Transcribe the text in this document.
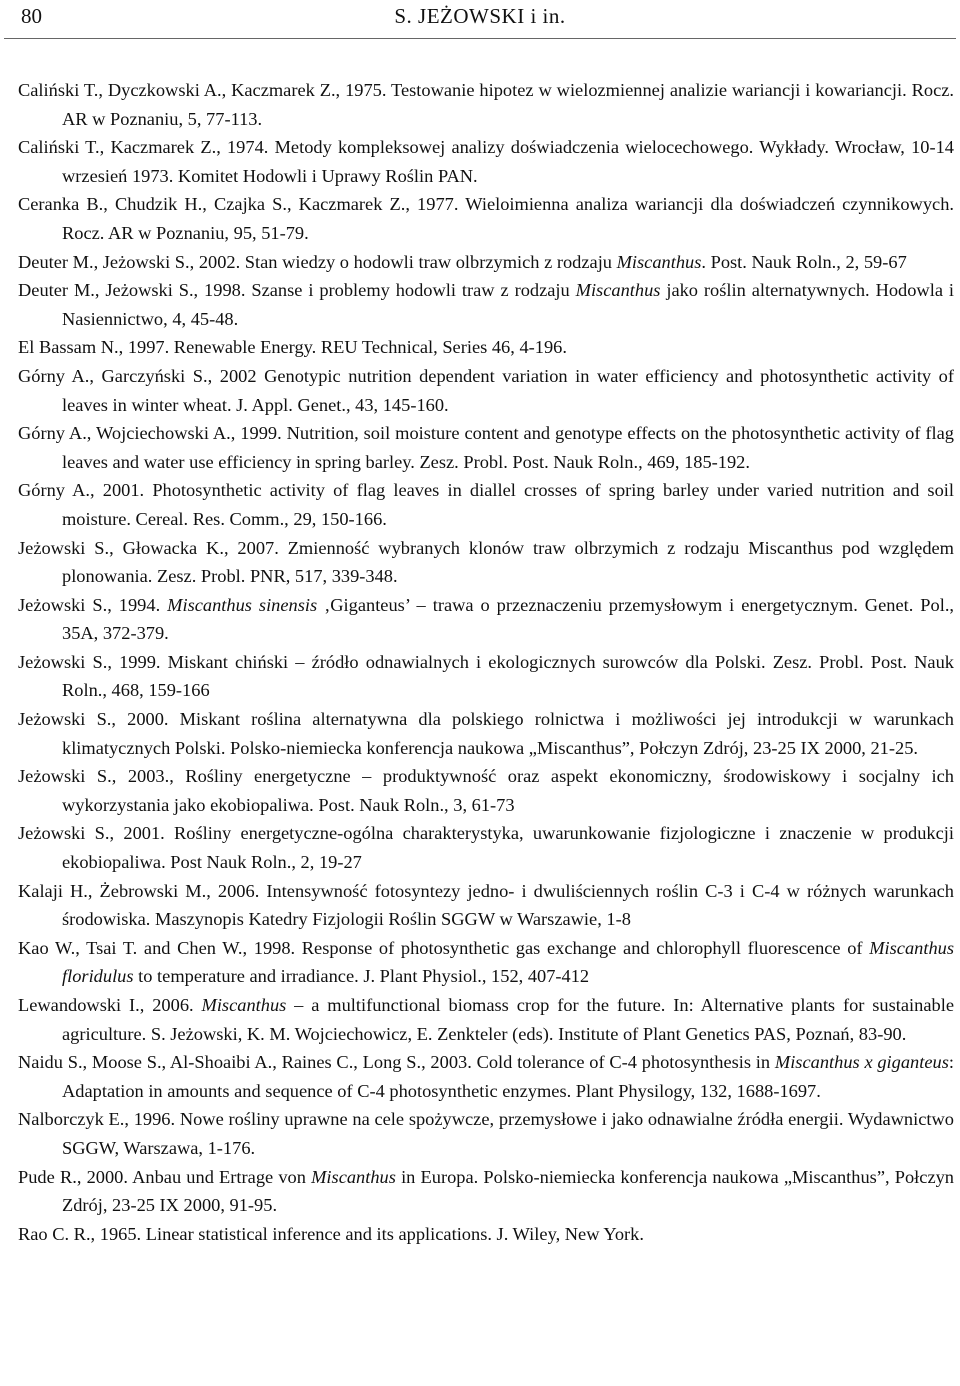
80	S. JEŻOWSKI i in.

Caliński T., Dyczkowski A., Kaczmarek Z., 1975. Testowanie hipotez w wielozmiennej analizie wariancji i kowariancji. Rocz. AR w Poznaniu, 5, 77-113.

Caliński T., Kaczmarek Z., 1974. Metody kompleksowej analizy doświadczenia wielocechowego. Wykłady. Wrocław, 10-14 wrzesień 1973. Komitet Hodowli i Uprawy Roślin PAN.

Ceranka B., Chudzik H., Czajka S., Kaczmarek Z., 1977. Wieloimienna analiza wariancji dla doświadczeń czynnikowych. Rocz. AR w Poznaniu, 95, 51-79.

Deuter M., Jeżowski S., 2002. Stan wiedzy o hodowli traw olbrzymich z rodzaju Miscanthus. Post. Nauk Roln., 2, 59-67

Deuter M., Jeżowski S., 1998. Szanse i problemy hodowli traw z rodzaju Miscanthus jako roślin alternatywnych. Hodowla i Nasiennictwo, 4, 45-48.

El Bassam N., 1997. Renewable Energy. REU Technical, Series 46, 4-196.

Górny A., Garczyński S., 2002 Genotypic nutrition dependent variation in water efficiency and photosynthetic activity of leaves in winter wheat. J. Appl. Genet., 43, 145-160.

Górny A., Wojciechowski A., 1999. Nutrition, soil moisture content and genotype effects on the photosynthetic activity of flag leaves and water use efficiency in spring barley. Zesz. Probl. Post. Nauk Roln., 469, 185-192.

Górny A., 2001. Photosynthetic activity of flag leaves in diallel crosses of spring barley under varied nutrition and soil moisture. Cereal. Res. Comm., 29, 150-166.

Jeżowski S., Głowacka K., 2007. Zmienność wybranych klonów traw olbrzymich z rodzaju Miscanthus pod względem plonowania. Zesz. Probl. PNR, 517, 339-348.

Jeżowski S., 1994. Miscanthus sinensis ‚Giganteus’ – trawa o przeznaczeniu przemysłowym i energetycznym. Genet. Pol., 35A, 372-379.

Jeżowski S., 1999. Miskant chiński – źródło odnawialnych i ekologicznych surowców dla Polski. Zesz. Probl. Post. Nauk Roln., 468, 159-166

Jeżowski S., 2000. Miskant roślina alternatywna dla polskiego rolnictwa i możliwości jej introdukcji w warunkach klimatycznych Polski. Polsko-niemiecka konferencja naukowa „Miscanthus”, Połczyn Zdrój, 23-25 IX 2000, 21-25.

Jeżowski S., 2003., Rośliny energetyczne – produktywność oraz aspekt ekonomiczny, środowiskowy i socjalny ich wykorzystania jako ekobiopaliwa. Post. Nauk Roln., 3, 61-73

Jeżowski S., 2001. Rośliny energetyczne-ogólna charakterystyka, uwarunkowanie fizjologiczne i znaczenie w produkcji ekobiopaliwa. Post Nauk Roln., 2, 19-27

Kalaji H., Żebrowski M., 2006. Intensywność fotosyntezy jedno- i dwuliściennych roślin C-3 i C-4 w różnych warunkach środowiska. Maszynopis Katedry Fizjologii Roślin SGGW w Warszawie, 1-8

Kao W., Tsai T. and Chen W., 1998. Response of photosynthetic gas exchange and chlorophyll fluorescence of Miscanthus floridulus to temperature and irradiance. J. Plant Physiol., 152, 407-412

Lewandowski I., 2006. Miscanthus – a multifunctional biomass crop for the future. In: Alternative plants for sustainable agriculture. S. Jeżowski, K. M. Wojciechowicz, E. Zenkteler (eds). Institute of Plant Genetics PAS, Poznań, 83-90.

Naidu S., Moose S., Al-Shoaibi A., Raines C., Long S., 2003. Cold tolerance of C-4 photosynthesis in Miscanthus x giganteus: Adaptation in amounts and sequence of C-4 photosynthetic enzymes. Plant Physilogy, 132, 1688-1697.

Nalborczyk E., 1996. Nowe rośliny uprawne na cele spożywcze, przemysłowe i jako odnawialne źródła energii. Wydawnictwo SGGW, Warszawa, 1-176.

Pude R., 2000. Anbau und Ertrage von Miscanthus in Europa. Polsko-niemiecka konferencja naukowa „Miscanthus”, Połczyn Zdrój, 23-25 IX 2000, 91-95.

Rao C. R., 1965. Linear statistical inference and its applications. J. Wiley, New York.
